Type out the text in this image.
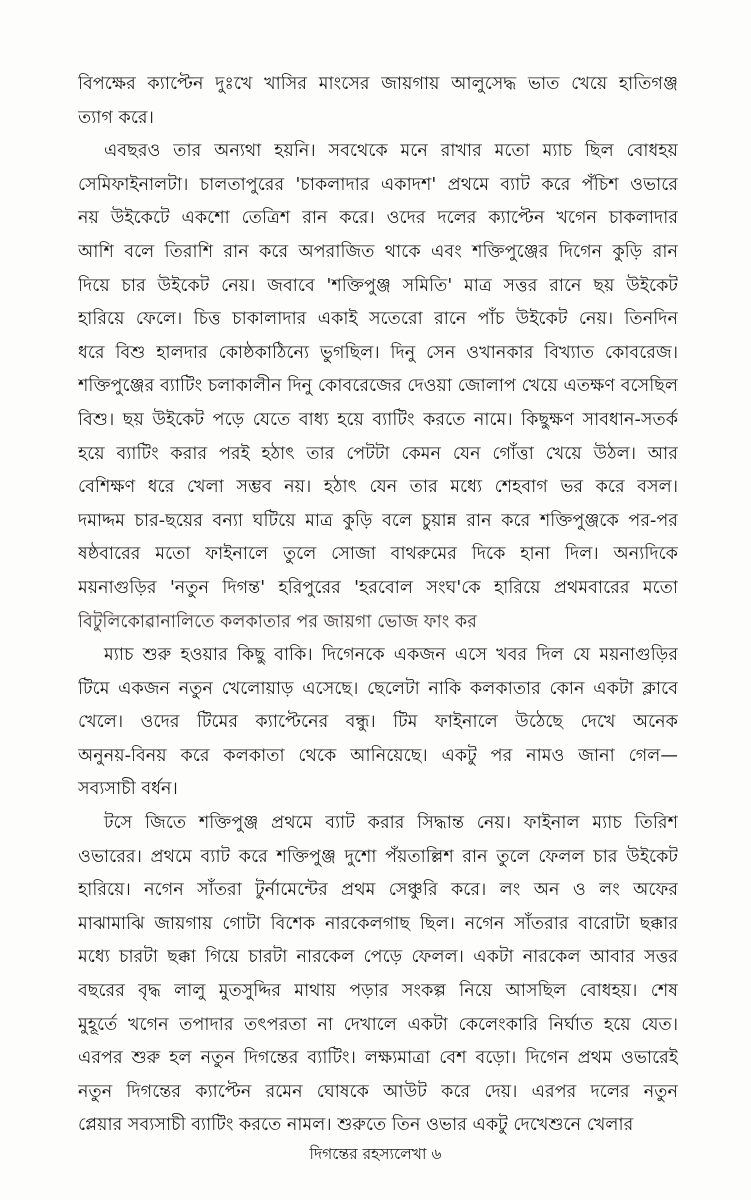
বিপক্ষের ক্যাপ্টেন দুঃখে খাসির মাংসের জায়গায় আলুসেদ্ধ ভাত খেয়ে হাতিগঞ্জ
ত্যাগ করে।
এবছরও তার অন্যথা হয়নি। সবথেকে মনে রাখার মতো ম্যাচ ছিল বোধহয়
সেমিফাইনালটা। চালতাপুরের 'চাকলাদার একাদশ' প্রথমে ব্যাট করে পঁচিশ ওভারে
নয় উইকেটে একশো তেত্রিশ রান করে। ওদের দলের ক্যাপ্টেন খগেন চাকলাদার
আশি বলে তিরাশি রান করে অপরাজিত থাকে এবং শক্তিপুঞ্জের দিগেন কুড়ি রান
দিয়ে চার উইকেট নেয়। জবাবে 'শক্তিপুঞ্জ সমিতি' মাত্র সত্তর রানে ছয় উইকেট
হারিয়ে ফেলে। চিত্ত চাকালাদার একাই সতেরো রানে পাঁচ উইকেট নেয়। তিনদিন
ধরে বিশু হালদার কোষ্ঠকাঠিন্যে ভুগছিল। দিনু সেন ওখানকার বিখ্যাত কোবরেজ।
শক্তিপুঞ্জের ব্যাটিং চলাকালীন দিনু কোবরেজের দেওয়া জোলাপ খেয়ে এতক্ষণ বসেছিল
বিশু। ছয় উইকেট পড়ে যেতে বাধ্য হয়ে ব্যাটিং করতে নামে। কিছুক্ষণ সাবধান-সতর্ক
হয়ে ব্যাটিং করার পরই হঠাৎ তার পেটটা কেমন যেন গোঁত্তা খেয়ে উঠল। আর
বেশিক্ষণ ধরে খেলা সম্ভব নয়। হঠাৎ যেন তার মধ্যে শেহবাগ ভর করে বসল।
দমাদ্দম চার-ছয়ের বন্যা ঘটিয়ে মাত্র কুড়ি বলে চুয়ান্ন রান করে শক্তিপুঞ্জকে পর-পর
ষষ্ঠবারের মতো ফাইনালে তুলে সোজা বাথরুমের দিকে হানা দিল। অন্যদিকে
ময়নাগুড়ির 'নতুন দিগন্ত' হরিপুরের 'হরবোল সংঘ'কে হারিয়ে প্রথমবারের মতো
বিটুলিকোৱানালিতে কলকাতার পর জায়গা ভোজ ফাং কর
ম্যাচ শুরু হওয়ার কিছু বাকি। দিগেনকে একজন এসে খবর দিল যে ময়নাগুড়ির
টিমে একজন নতুন খেলোয়াড় এসেছে। ছেলেটা নাকি কলকাতার কোন একটা ক্লাবে
খেলে। ওদের টিমের ক্যাপ্টেনের বন্ধু। টিম ফাইনালে উঠেছে দেখে অনেক
অনুনয়-বিনয় করে কলকাতা থেকে আনিয়েছে। একটু পর নামও জানা গেল—
সব্যসাচী বর্ধন।
টসে জিতে শক্তিপুঞ্জ প্রথমে ব্যাট করার সিদ্ধান্ত নেয়। ফাইনাল ম্যাচ তিরিশ
ওভারের। প্রথমে ব্যাট করে শক্তিপুঞ্জ দুশো পঁয়তাল্লিশ রান তুলে ফেলল চার উইকেট
হারিয়ে। নগেন সাঁতরা টুর্নামেন্টের প্রথম সেঞ্চুরি করে। লং অন ও লং অফের
মাঝামাঝি জায়গায় গোটা বিশেক নারকেলগাছ ছিল। নগেন সাঁতরার বারোটা ছক্কার
মধ্যে চারটা ছক্কা গিয়ে চারটা নারকেল পেড়ে ফেলল। একটা নারকেল আবার সত্তর
বছরের বৃদ্ধ লালু মুতসুদ্দির মাথায় পড়ার সংকল্প নিয়ে আসছিল বোধহয়। শেষ
মুহূর্তে খগেন তপাদার তৎপরতা না দেখালে একটা কেলেংকারি নির্ঘাত হয়ে যেত।
এরপর শুরু হল নতুন দিগন্তের ব্যাটিং। লক্ষ্যমাত্রা বেশ বড়ো। দিগেন প্রথম ওভারেই
নতুন দিগন্তের ক্যাপ্টেন রমেন ঘোষকে আউট করে দেয়। এরপর দলের নতুন
প্লেয়ার সব্যসাচী ব্যাটিং করতে নামল। শুরুতে তিন ওভার একটু দেখেশুনে খেলার
দিগন্তের রহস্যলেখা ৬
